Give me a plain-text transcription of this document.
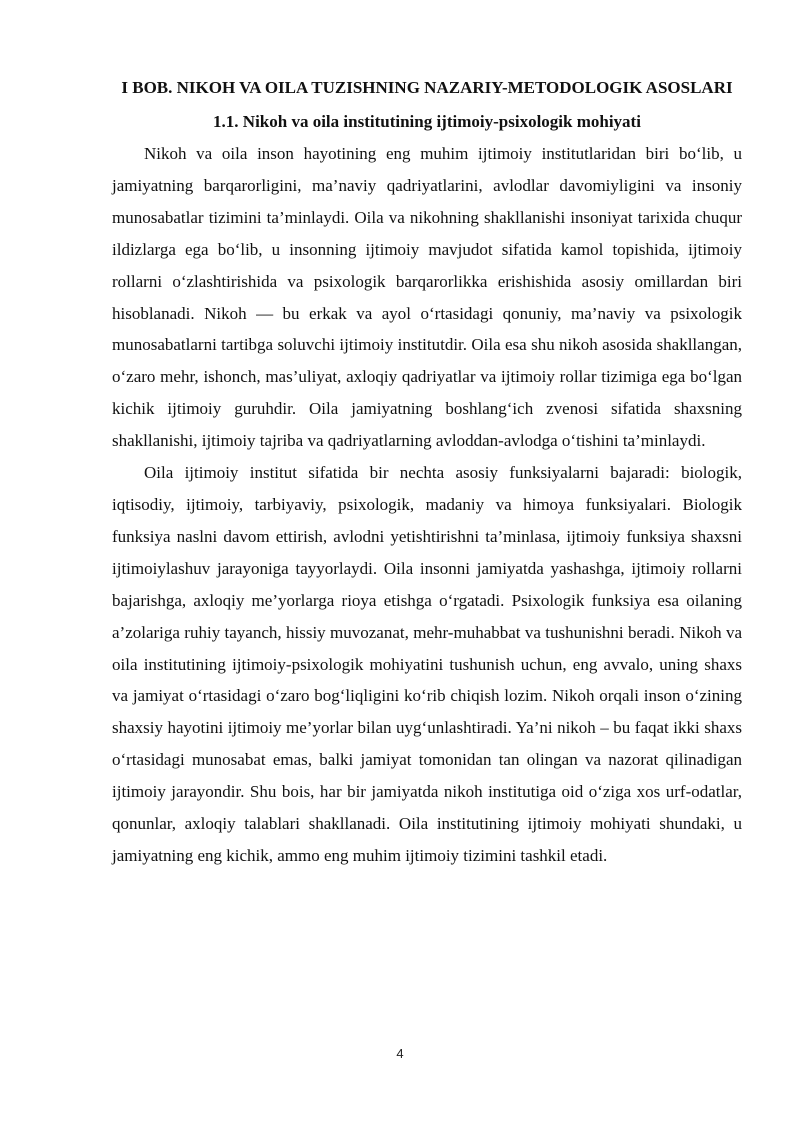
I BOB. NIKOH VA OILA TUZISHNING NAZARIY-METODOLOGIK ASOSLARI
1.1. Nikoh va oila institutining ijtimoiy-psixologik mohiyati

Nikoh va oila inson hayotining eng muhim ijtimoiy institutlaridan biri bo‘lib, u jamiyatning barqarorligini, ma’naviy qadriyatlarini, avlodlar davomiyligini va insoniy munosabatlar tizimini ta’minlaydi. Oila va nikohning shakllanishi insoniyat tarixida chuqur ildizlarga ega bo‘lib, u insonning ijtimoiy mavjudot sifatida kamol topishida, ijtimoiy rollarni o‘zlashtirishida va psixologik barqarorlikka erishishida asosiy omillardan biri hisoblanadi. Nikoh — bu erkak va ayol o‘rtasidagi qonuniy, ma’naviy va psixologik munosabatlarni tartibga soluvchi ijtimoiy institutdir. Oila esa shu nikoh asosida shakllangan, o‘zaro mehr, ishonch, mas’uliyat, axloqiy qadriyatlar va ijtimoiy rollar tizimiga ega bo‘lgan kichik ijtimoiy guruhdir. Oila jamiyatning boshlang‘ich zvenosi sifatida shaxsning shakllanishi, ijtimoiy tajriba va qadriyatlarning avloddan-avlodga o‘tishini ta’minlaydi.

Oila ijtimoiy institut sifatida bir nechta asosiy funksiyalarni bajaradi: biologik, iqtisodiy, ijtimoiy, tarbiyaviy, psixologik, madaniy va himoya funksiyalari. Biologik funksiya naslni davom ettirish, avlodni yetishtirishni ta’minlasa, ijtimoiy funksiya shaxsni ijtimoiylashuv jarayoniga tayyorlaydi. Oila insonni jamiyatda yashashga, ijtimoiy rollarni bajarishga, axloqiy me’yorlarga rioya etishga o‘rgatadi. Psixologik funksiya esa oilaning a’zolariga ruhiy tayanch, hissiy muvozanat, mehr-muhabbat va tushunishni beradi. Nikoh va oila institutining ijtimoiy-psixologik mohiyatini tushunish uchun, eng avvalo, uning shaxs va jamiyat o‘rtasidagi o‘zaro bog‘liqligini ko‘rib chiqish lozim. Nikoh orqali inson o‘zining shaxsiy hayotini ijtimoiy me’yorlar bilan uyg‘unlashtiradi. Ya’ni nikoh – bu faqat ikki shaxs o‘rtasidagi munosabat emas, balki jamiyat tomonidan tan olingan va nazorat qilinadigan ijtimoiy jarayondir. Shu bois, har bir jamiyatda nikoh institutiga oid o‘ziga xos urf-odatlar, qonunlar, axloqiy talablari shakllanadi. Oila institutining ijtimoiy mohiyati shundaki, u jamiyatning eng kichik, ammo eng muhim ijtimoiy tizimini tashkil etadi.

4
